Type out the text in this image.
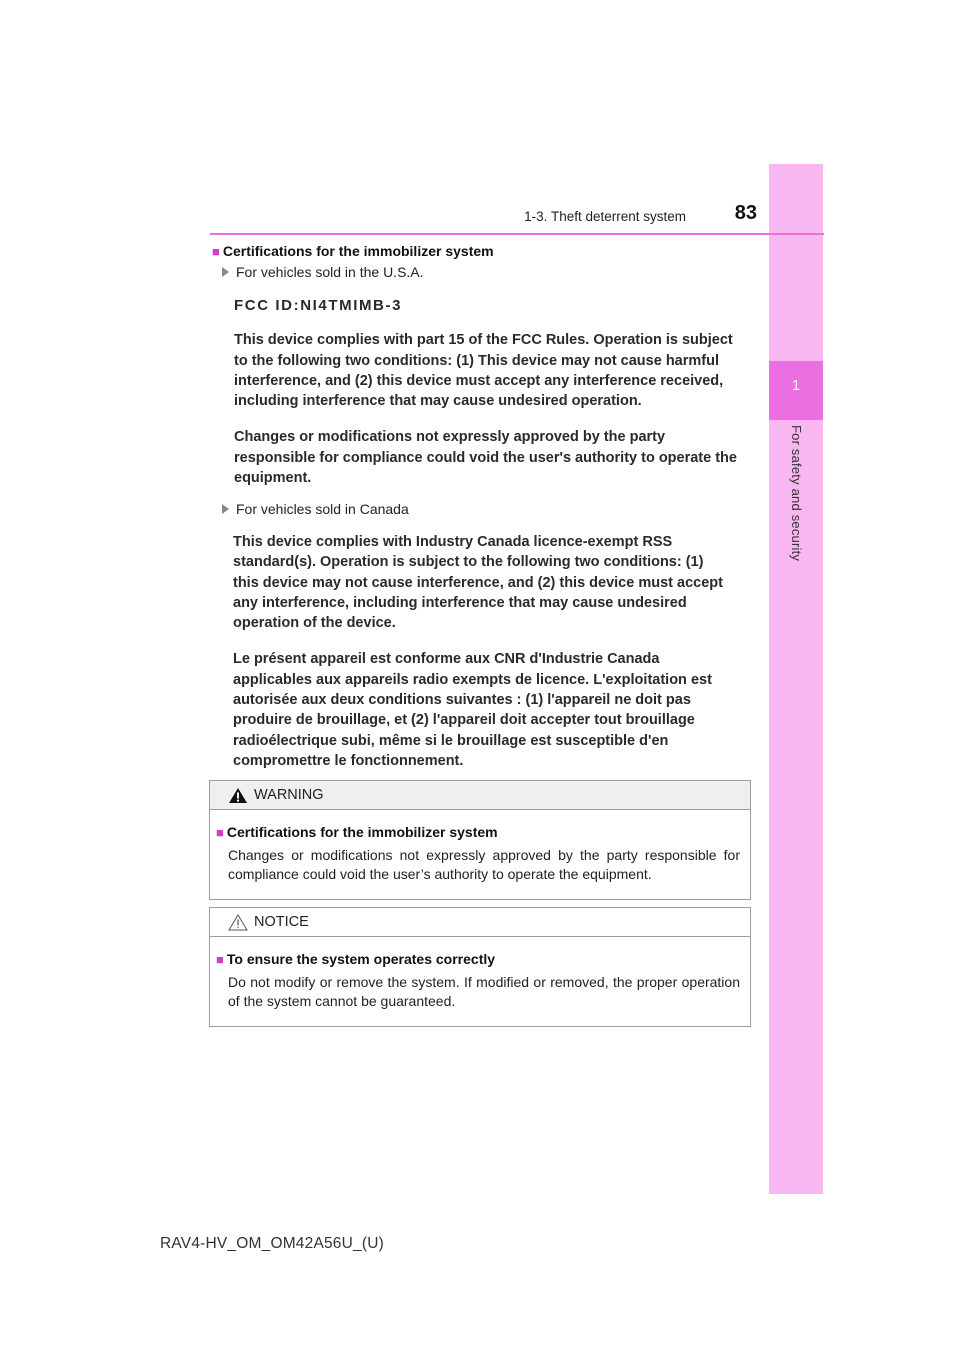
1
For safety and security
1-3. Theft deterrent system	83
■ Certifications for the immobilizer system
For vehicles sold in the U.S.A.

FCC ID:NI4TMIMB-3

This device complies with part 15 of the FCC Rules. Operation is subject to the following two conditions: (1) This device may not cause harmful interference, and (2) this device must accept any interference received, including interference that may cause undesired operation.

Changes or modifications not expressly approved by the party responsible for compliance could void the user's authority to operate the equipment.

For vehicles sold in Canada

This device complies with Industry Canada licence-exempt RSS standard(s). Operation is subject to the following two conditions: (1) this device may not cause interference, and (2) this device must accept any interference, including interference that may cause undesired operation of the device.

Le présent appareil est conforme aux CNR d'Industrie Canada applicables aux appareils radio exempts de licence. L'exploitation est autorisée aux deux conditions suivantes : (1) l'appareil ne doit pas produire de brouillage, et (2) l'appareil doit accepter tout brouillage radioélectrique subi, même si le brouillage est susceptible d'en compromettre le fonctionnement.

WARNING
■ Certifications for the immobilizer system
Changes or modifications not expressly approved by the party responsible for compliance could void the user’s authority to operate the equipment.
NOTICE
■ To ensure the system operates correctly
Do not modify or remove the system. If modified or removed, the proper operation of the system cannot be guaranteed.
RAV4-HV_OM_OM42A56U_(U)
